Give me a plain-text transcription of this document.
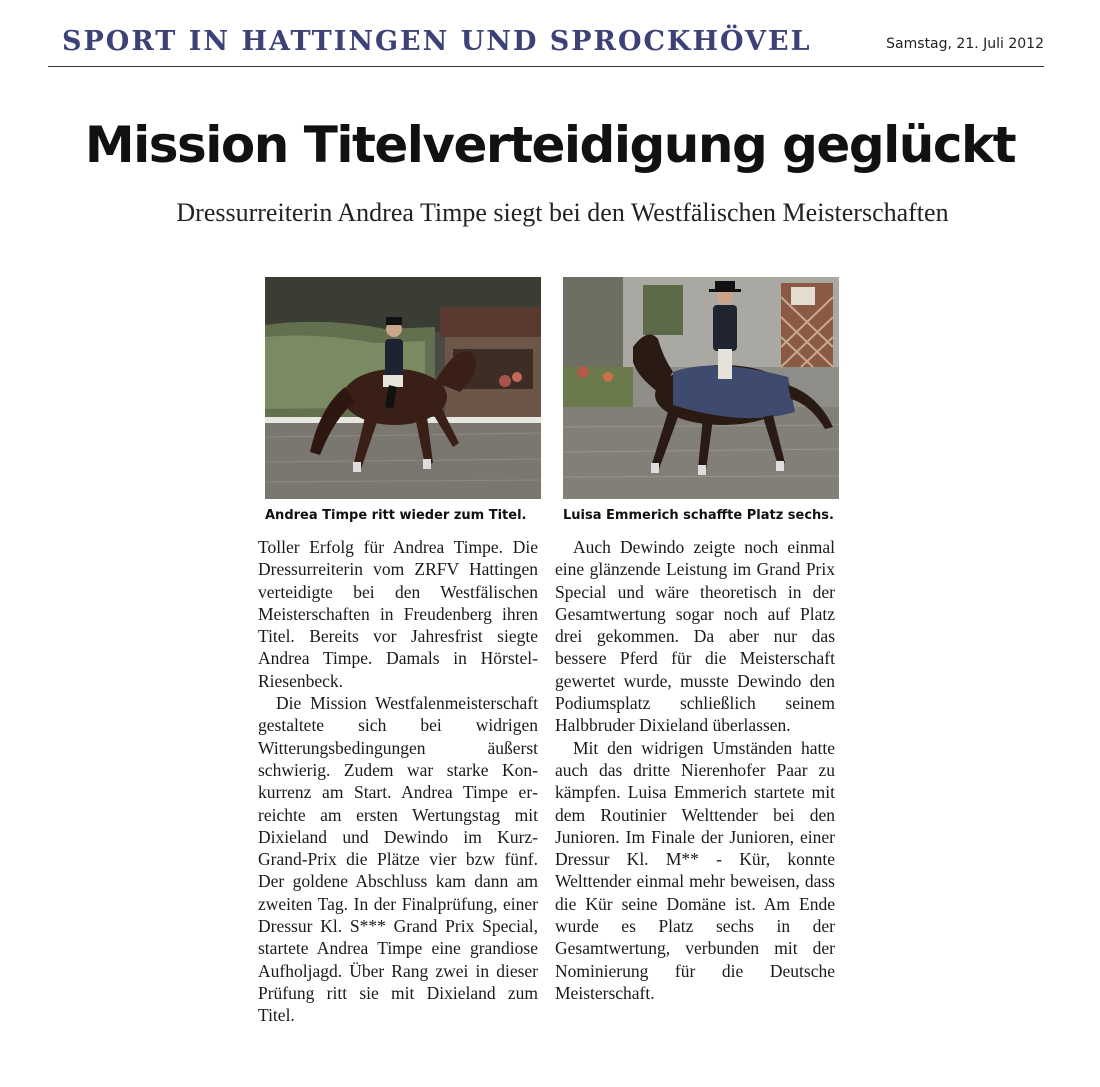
SPORT IN HATTINGEN UND SPROCKHÖVEL	Samstag, 21. Juli 2012
Mission Titelverteidigung geglückt
Dressurreiterin Andrea Timpe siegt bei den Westfälischen Meisterschaften
Andrea Timpe ritt wieder zum Titel.	Luisa Emmerich schaffte Platz sechs.

Toller Erfolg für Andrea Timpe. Die Dressurreiterin vom ZRFV Hattingen verteidigte bei den Westfälischen Meisterschaften in Freudenberg ihren Titel. Bereits vor Jahresfrist siegte Andrea Timpe. Damals in Hörstel-Riesenbeck.

Die Mission Westfalenmeisterschaft gestaltete sich bei widrigen Witterungsbedingungen äußerst schwierig. Zudem war starke Konkurrenz am Start. Andrea Timpe erreichte am ersten Wertungstag mit Dixieland und Dewindo im Kurz-Grand-Prix die Plätze vier bzw fünf. Der goldene Abschluss kam dann am zweiten Tag. In der Finalprüfung, einer Dressur Kl. S*** Grand Prix Special, startete Andrea Timpe eine grandiose Aufholjagd. Über Rang zwei in dieser Prüfung ritt sie mit Dixieland zum Titel.

Auch Dewindo zeigte noch einmal eine glänzende Leistung im Grand Prix Special und wäre theoretisch in der Gesamtwertung sogar noch auf Platz drei gekommen. Da aber nur das bessere Pferd für die Meisterschaft gewertet wurde, musste Dewindo den Podiumsplatz schließlich seinem Halbbruder Dixieland überlassen.

Mit den widrigen Umständen hatte auch das dritte Nierenhofer Paar zu kämpfen. Luisa Emmerich startete mit dem Routinier Welttender bei den Junioren. Im Finale der Junioren, einer Dressur Kl. M** - Kür, konnte Welttender einmal mehr beweisen, dass die Kür seine Domäne ist. Am Ende wurde es Platz sechs in der Gesamtwertung, verbunden mit der Nominierung für die Deutsche Meisterschaft.
